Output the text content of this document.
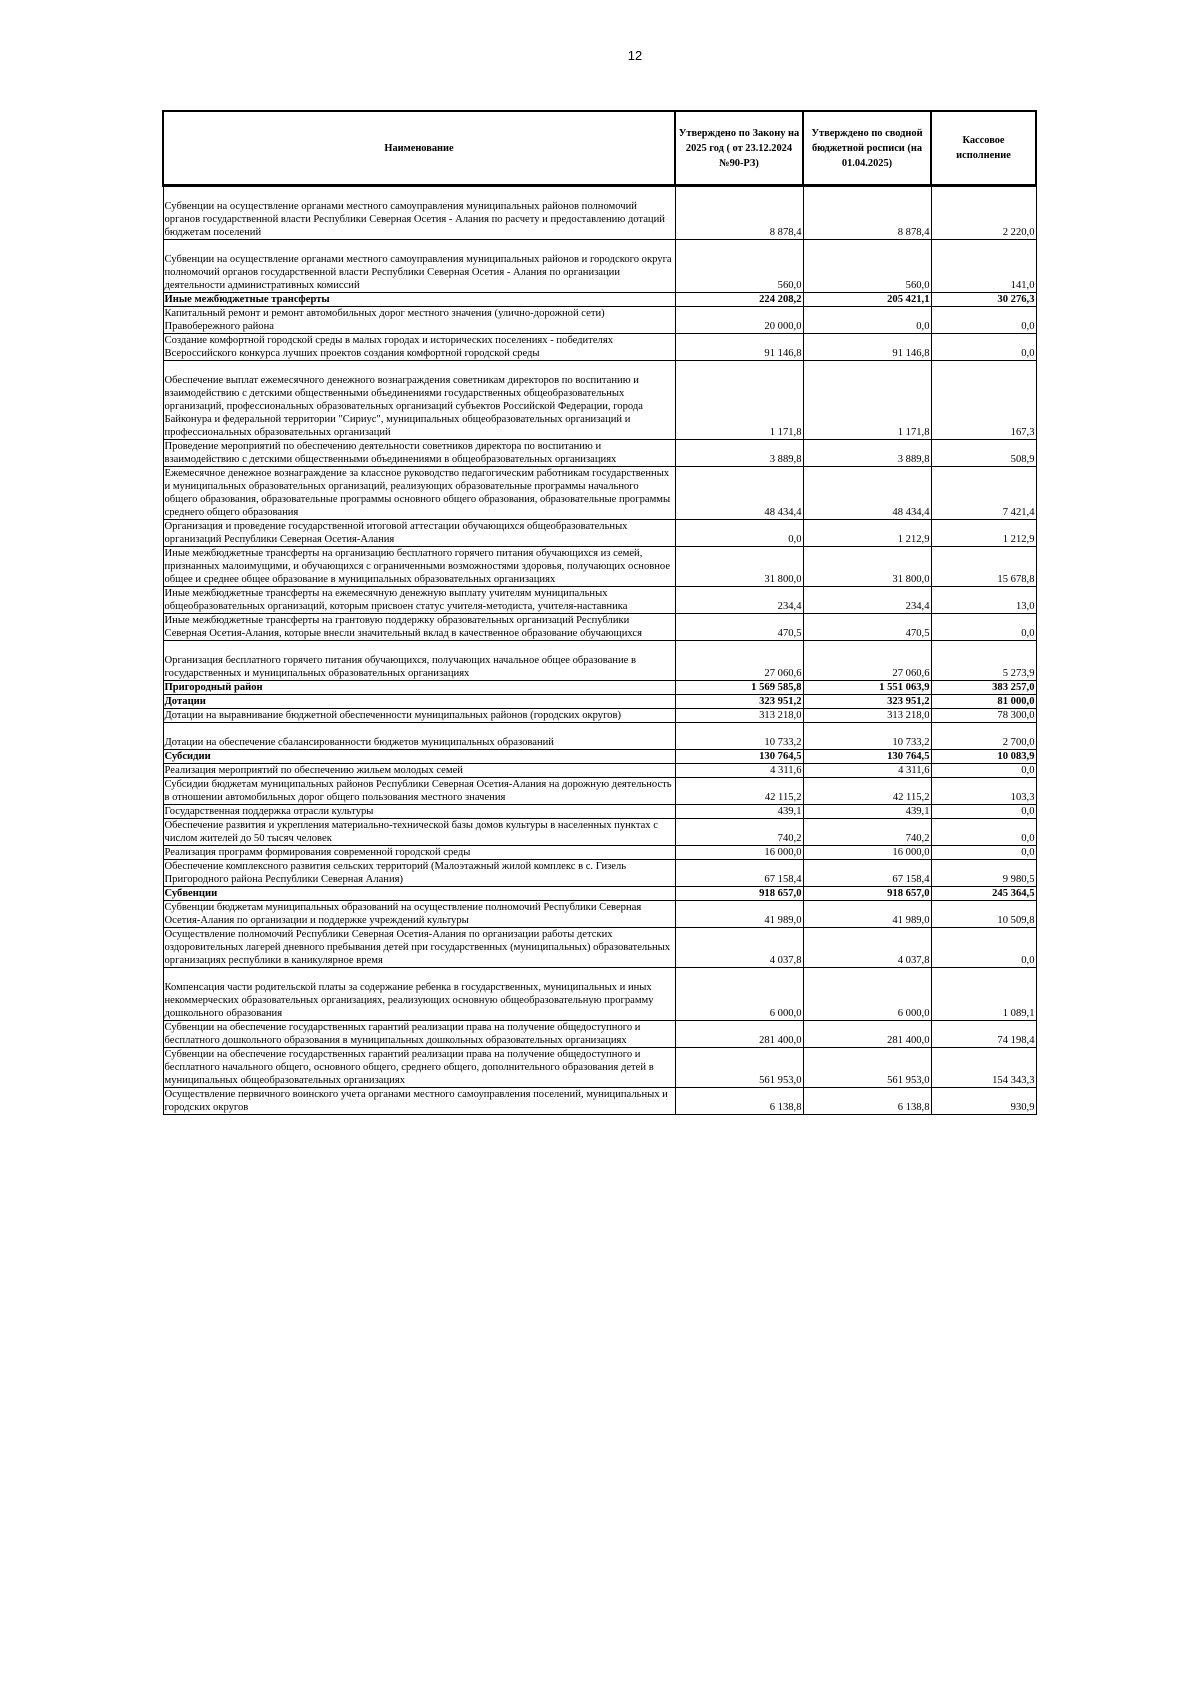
12
Наименование	Утверждено по Законy на 2025 год ( от 23.12.2024 №90-РЗ)	Утверждено по сводной бюджетной росписи (на 01.04.2025)	Кассовое исполнение
Субвенции на осуществление органами местного самоуправления муниципальных районов полномочий органов государственной власти Республики Северная Осетия - Алания по расчету и предоставлению дотаций бюджетам поселений	8 878,4	8 878,4	2 220,0
Субвенции на осуществление органами местного самоуправления муниципальных районов и городского округа полномочий органов государственной власти Республики Северная Осетия - Алания по организации деятельности административных комиссий	560,0	560,0	141,0
Иные межбюджетные трансферты	224 208,2	205 421,1	30 276,3
Капитальный ремонт и ремонт автомобильных дорог местного значения (улично-дорожной сети) Правобережного района	20 000,0	0,0	0,0
Создание комфортной городской среды в малых городах и исторических поселениях - победителях Всероссийского конкурса лучших проектов создания комфортной городской среды	91 146,8	91 146,8	0,0
Обеспечение выплат ежемесячного денежного вознаграждения советникам директоров по воспитанию и взаимодействию с детскими общественными объединениями государственных общеобразовательных организаций, профессиональных образовательных организаций субъектов Российской Федерации, города Байконура и федеральной территории "Сириус", муниципальных общеобразовательных организаций и профессиональных образовательных организаций	1 171,8	1 171,8	167,3
Проведение мероприятий по обеспечению деятельности советников директора по воспитанию и взаимодействию с детскими общественными объединениями в общеобразовательных организациях	3 889,8	3 889,8	508,9
Ежемесячное денежное вознаграждение за классное руководство педагогическим работникам государственных и муниципальных образовательных организаций, реализующих образовательные программы начального общего образования, образовательные программы основного общего образования, образовательные программы среднего общего образования	48 434,4	48 434,4	7 421,4
Организация и проведение государственной итоговой аттестации обучающихся общеобразовательных организаций Республики Северная Осетия-Алания	0,0	1 212,9	1 212,9
Иные межбюджетные трансферты на организацию бесплатного горячего питания обучающихся из семей, признанных малоимущими, и обучающихся с ограниченными возможностями здоровья, получающих основное общее и среднее общее образование в муниципальных образовательных организациях	31 800,0	31 800,0	15 678,8
Иные межбюджетные трансферты на ежемесячную денежную выплату учителям муниципальных общеобразовательных организаций, которым присвоен статус учителя-методиста, учителя-наставника	234,4	234,4	13,0
Иные межбюджетные трансферты на грантовую поддержку образовательных организаций Республики Северная Осетия-Алания, которые внесли значительный вклад в качественное образование обучающихся	470,5	470,5	0,0
Организация бесплатного горячего питания обучающихся, получающих начальное общее образование в государственных и муниципальных образовательных организациях	27 060,6	27 060,6	5 273,9
Пригородный район	1 569 585,8	1 551 063,9	383 257,0
Дотации	323 951,2	323 951,2	81 000,0
Дотации на выравнивание бюджетной обеспеченности муниципальных районов (городских округов)	313 218,0	313 218,0	78 300,0
Дотации на обеспечение сбалансированности бюджетов муниципальных образований	10 733,2	10 733,2	2 700,0
Субсидии	130 764,5	130 764,5	10 083,9
Реализация мероприятий по обеспечению жильем молодых семей	4 311,6	4 311,6	0,0
Субсидии бюджетам муниципальных районов Республики Северная Осетия-Алания на дорожную деятельность в отношении автомобильных дорог общего пользования местного значения	42 115,2	42 115,2	103,3
Государственная поддержка отрасли культуры	439,1	439,1	0,0
Обеспечение развития и укрепления материально-технической базы домов культуры в населенных пунктах с числом жителей до 50 тысяч человек	740,2	740,2	0,0
Реализация программ формирования современной городской среды	16 000,0	16 000,0	0,0
Обеспечение комплексного развития сельских территорий (Малоэтажный жилой комплекс в с. Гизель Пригородного района Республики Северная Алания)	67 158,4	67 158,4	9 980,5
Субвенции	918 657,0	918 657,0	245 364,5
Субвенции бюджетам муниципальных образований на осуществление полномочий Республики Северная Осетия-Алания по организации и поддержке учреждений культуры	41 989,0	41 989,0	10 509,8
Осуществление полномочий Республики Северная Осетия-Алания по организации работы детских оздоровительных лагерей дневного пребывания детей при государственных (муниципальных) образовательных организациях республики в каникулярное время	4 037,8	4 037,8	0,0
Компенсация части родительской платы за содержание ребенка в государственных, муниципальных и иных некоммерческих образовательных организациях, реализующих основную общеобразовательную программу дошкольного образования	6 000,0	6 000,0	1 089,1
Субвенции на обеспечение государственных гарантий реализации права на получение общедоступного и бесплатного дошкольного образования в муниципальных дошкольных образовательных организациях	281 400,0	281 400,0	74 198,4
Субвенции на обеспечение государственных гарантий реализации права на получение общедоступного и бесплатного начального общего, основного общего, среднего общего, дополнительного образования детей в муниципальных общеобразовательных организациях	561 953,0	561 953,0	154 343,3
Осуществление первичного воинского учета органами местного самоуправления поселений, муниципальных и городских округов	6 138,8	6 138,8	930,9
